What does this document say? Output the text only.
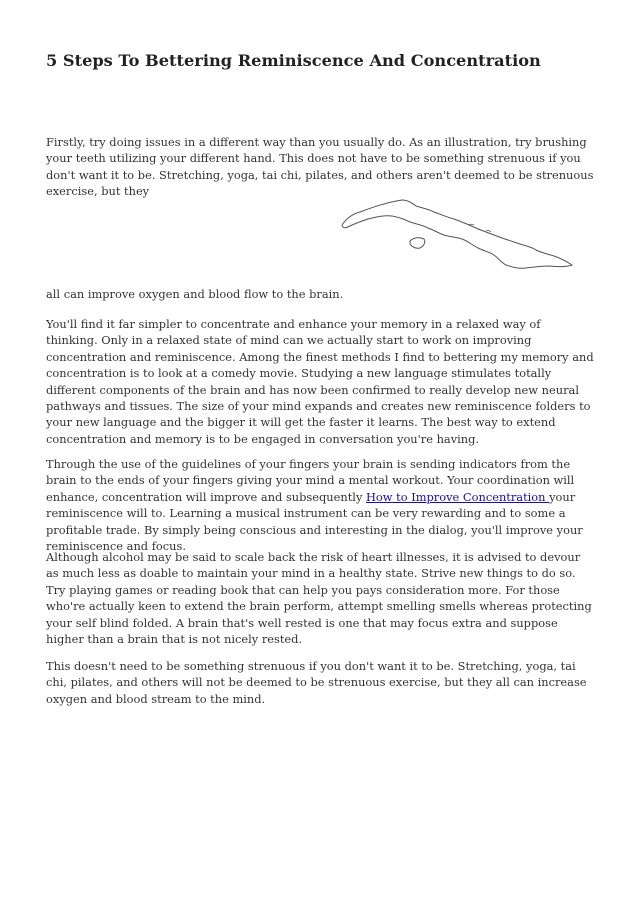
5 Steps To Bettering Reminiscence And Concentration

Firstly, try doing issues in a different way than you usually do. As an illustration, try brushing your teeth utilizing your different hand. This does not have to be something strenuous if you don't want it to be. Stretching, yoga, tai chi, pilates, and others aren't deemed to be strenuous exercise, but they

all can improve oxygen and blood flow to the brain.

You'll find it far simpler to concentrate and enhance your memory in a relaxed way of thinking. Only in a relaxed state of mind can we actually start to work on improving concentration and reminiscence. Among the finest methods I find to bettering my memory and concentration is to look at a comedy movie. Studying a new language stimulates totally different components of the brain and has now been confirmed to really develop new neural pathways and tissues. The size of your mind expands and creates new reminiscence folders to your new language and the bigger it will get the faster it learns. The best way to extend concentration and memory is to be engaged in conversation you're having.

Through the use of the guidelines of your fingers your brain is sending indicators from the brain to the ends of your fingers giving your mind a mental workout. Your coordination will enhance, concentration will improve and subsequently How to Improve Concentration your reminiscence will to. Learning a musical instrument can be very rewarding and to some a profitable trade. By simply being conscious and interesting in the dialog, you'll improve your reminiscence and focus.

Although alcohol may be said to scale back the risk of heart illnesses, it is advised to devour as much less as doable to maintain your mind in a healthy state. Strive new things to do so. Try playing games or reading book that can help you pays consideration more. For those who're actually keen to extend the brain perform, attempt smelling smells whereas protecting your self blind folded. A brain that's well rested is one that may focus extra and suppose higher than a brain that is not nicely rested.

This doesn't need to be something strenuous if you don't want it to be. Stretching, yoga, tai chi, pilates, and others will not be deemed to be strenuous exercise, but they all can increase oxygen and blood stream to the mind.
